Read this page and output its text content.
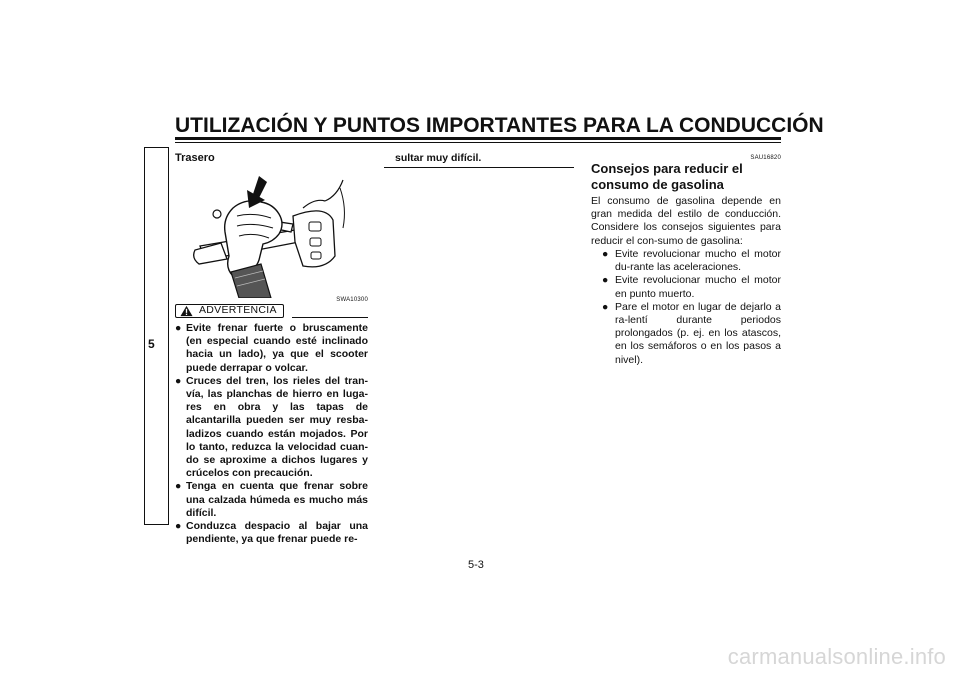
UTILIZACIÓN Y PUNTOS IMPORTANTES PARA LA CONDUCCIÓN
5
Trasero
SWA10300
ADVERTENCIA
● Evite frenar fuerte o bruscamente (en especial cuando esté inclinado hacia un lado), ya que el scooter puede derrapar o volcar.
● Cruces del tren, los rieles del tran-vía, las planchas de hierro en luga-res en obra y las tapas de alcantarilla pueden ser muy resba-ladizos cuando están mojados. Por lo tanto, reduzca la velocidad cuan-do se aproxime a dichos lugares y crúcelos con precaución.
● Tenga en cuenta que frenar sobre una calzada húmeda es mucho más difícil.
● Conduzca despacio al bajar una pendiente, ya que frenar puede re-
sultar muy difícil.	SAU16820
Consejos para reducir el consumo de gasolina

El consumo de gasolina depende en gran medida del estilo de conducción. Considere los consejos siguientes para reducir el con-sumo de gasolina:

● Evite revolucionar mucho el motor du-rante las aceleraciones.
● Evite revolucionar mucho el motor en punto muerto.
● Pare el motor en lugar de dejarlo a ra-lentí durante periodos prolongados (p. ej. en los atascos, en los semáforos o en los pasos a nivel).
5-3
carmanualsonline.info
